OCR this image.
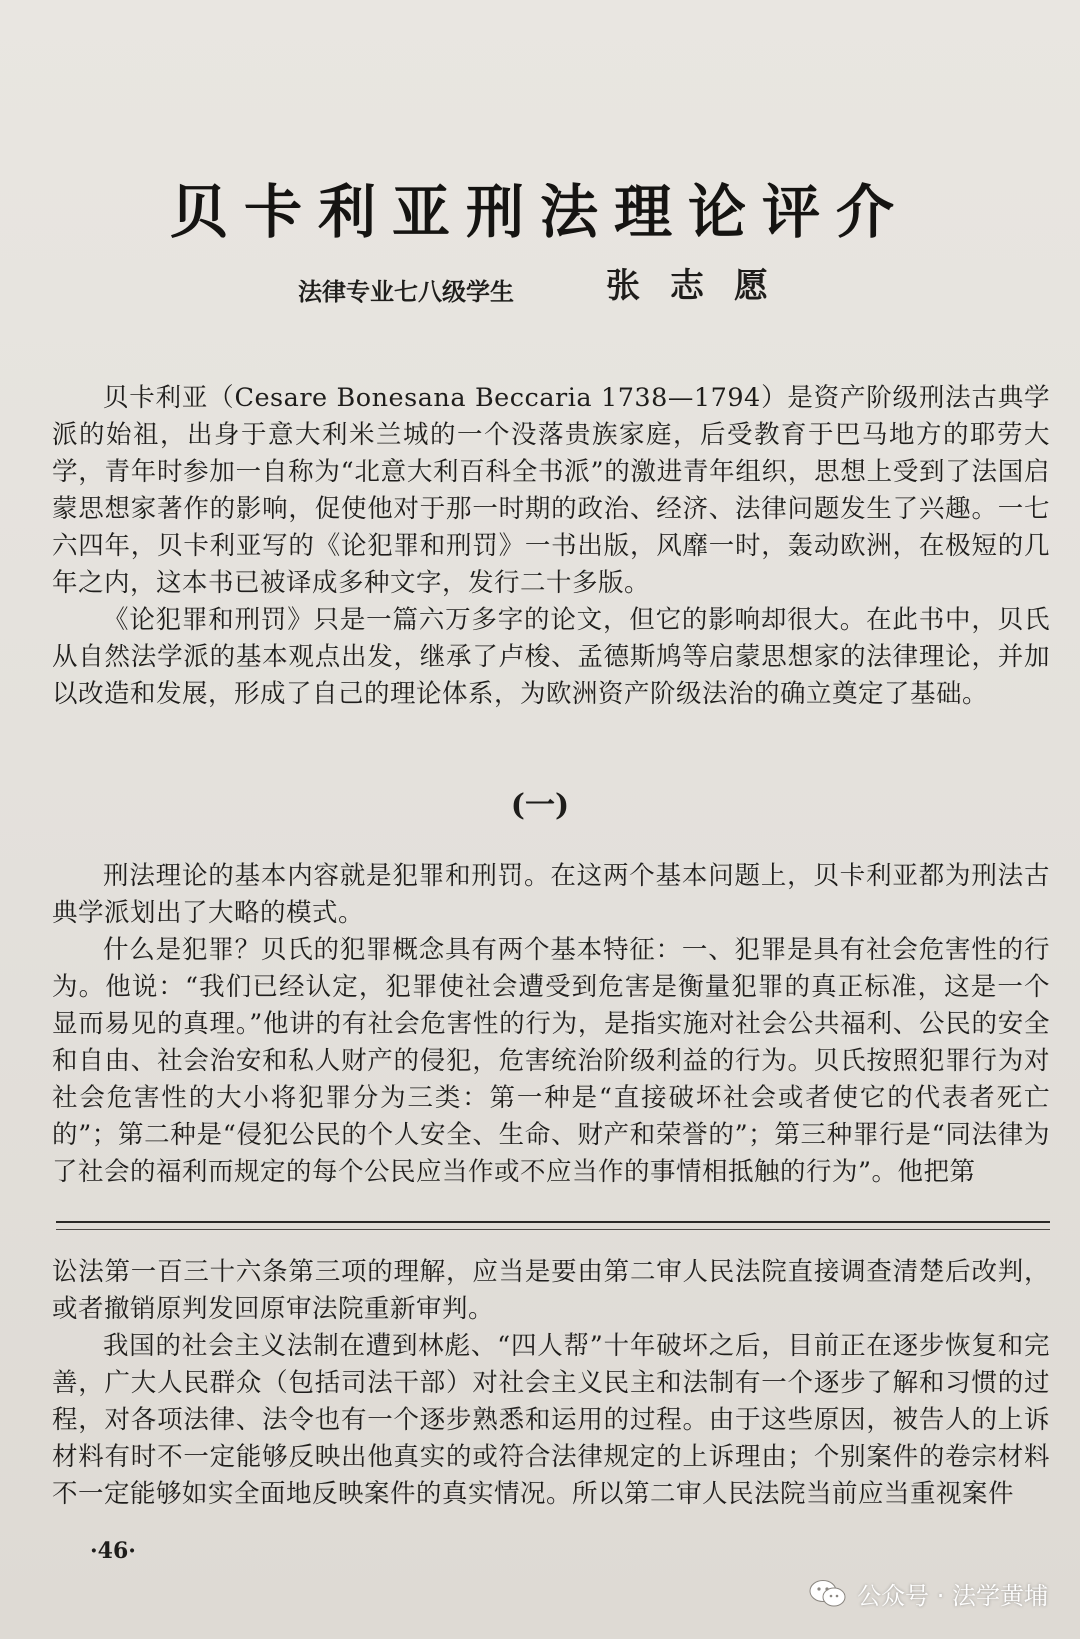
贝卡利亚刑法理论评介
法律专业七八级学生	张志愿

贝卡利亚（Cesare Bonesana Beccaria 1738—1794）是资产阶级刑法古典学派的始祖，出身于意大利米兰城的一个没落贵族家庭，后受教育于巴马地方的耶劳大学，青年时参加一自称为“北意大利百科全书派”的激进青年组织，思想上受到了法国启蒙思想家著作的影响，促使他对于那一时期的政治、经济、法律问题发生了兴趣。一七六四年，贝卡利亚写的《论犯罪和刑罚》一书出版，风靡一时，轰动欧洲，在极短的几年之内，这本书已被译成多种文字，发行二十多版。

《论犯罪和刑罚》只是一篇六万多字的论文，但它的影响却很大。在此书中，贝氏从自然法学派的基本观点出发，继承了卢梭、孟德斯鸠等启蒙思想家的法律理论，并加以改造和发展，形成了自己的理论体系，为欧洲资产阶级法治的确立奠定了基础。

(一)

刑法理论的基本内容就是犯罪和刑罚。在这两个基本问题上，贝卡利亚都为刑法古典学派划出了大略的模式。

什么是犯罪？贝氏的犯罪概念具有两个基本特征：一、犯罪是具有社会危害性的行为。他说：“我们已经认定，犯罪使社会遭受到危害是衡量犯罪的真正标准，这是一个显而易见的真理。”他讲的有社会危害性的行为，是指实施对社会公共福利、公民的安全和自由、社会治安和私人财产的侵犯，危害统治阶级利益的行为。贝氏按照犯罪行为对社会危害性的大小将犯罪分为三类：第一种是“直接破坏社会或者使它的代表者死亡的”；第二种是“侵犯公民的个人安全、生命、财产和荣誉的”；第三种罪行是“同法律为了社会的福利而规定的每个公民应当作或不应当作的事情相抵触的行为”。他把第

讼法第一百三十六条第三项的理解，应当是要由第二审人民法院直接调查清楚后改判，或者撤销原判发回原审法院重新审判。

我国的社会主义法制在遭到林彪、“四人帮”十年破坏之后，目前正在逐步恢复和完善，广大人民群众（包括司法干部）对社会主义民主和法制有一个逐步了解和习惯的过程，对各项法律、法令也有一个逐步熟悉和运用的过程。由于这些原因，被告人的上诉材料有时不一定能够反映出他真实的或符合法律规定的上诉理由；个别案件的卷宗材料不一定能够如实全面地反映案件的真实情况。所以第二审人民法院当前应当重视案件

·46·
公众号 · 法学黄埔
